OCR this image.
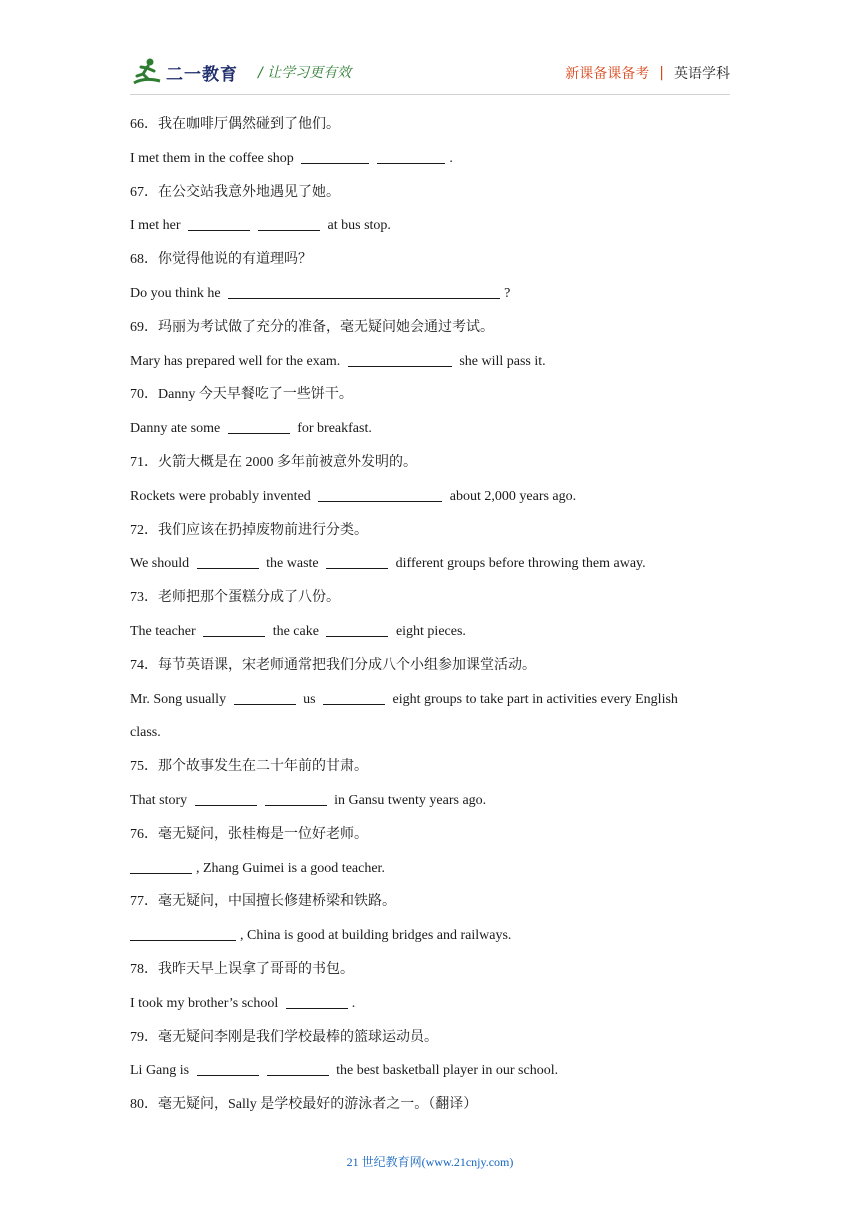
二一教育 / 让学习更有效	新课备课备考 | 英语学科
66．我在咖啡厅偶然碰到了他们。
I met them in the coffee shop	.
67．在公交站我意外地遇见了她。
I met her	at bus stop.
68．你觉得他说的有道理吗？
Do you think he	?
69．玛丽为考试做了充分的准备，毫无疑问她会通过考试。
Mary has prepared well for the exam.	she will pass it.
70．Danny 今天早餐吃了一些饼干。
Danny ate some	for breakfast.
71．火箭大概是在 2000 多年前被意外发明的。
Rockets were probably invented	about 2,000 years ago.
72．我们应该在扔掉废物前进行分类。
We should	the waste	different groups before throwing them away.
73．老师把那个蛋糕分成了八份。
The teacher	the cake	eight pieces.
74．每节英语课，宋老师通常把我们分成八个小组参加课堂活动。
Mr. Song usually	us	eight groups to take part in activities every English
class.
75．那个故事发生在二十年前的甘肃。
That story	in Gansu twenty years ago.
76．毫无疑问，张桂梅是一位好老师。
, Zhang Guimei is a good teacher.
77．毫无疑问，中国擅长修建桥梁和铁路。
, China is good at building bridges and railways.
78．我昨天早上误拿了哥哥的书包。
I took my brother’s school	.
79．毫无疑问李刚是我们学校最棒的篮球运动员。
Li Gang is	the best basketball player in our school.
80．毫无疑问，Sally 是学校最好的游泳者之一。（翻译）
21 世纪教育网(www.21cnjy.com)
